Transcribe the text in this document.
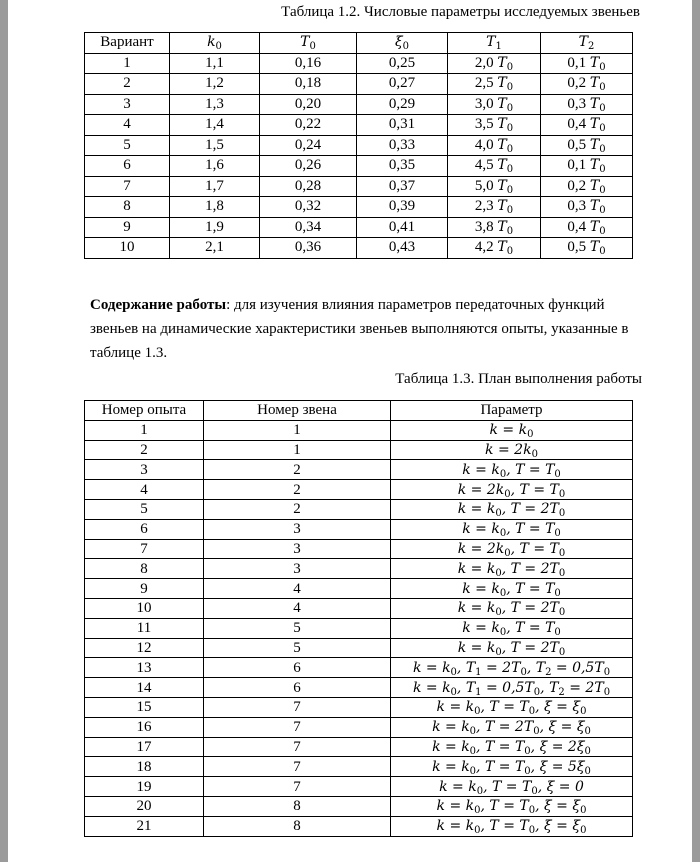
Таблица 1.2. Числовые параметры исследуемых звеньев
Вариант	$k_0$	$T_0$	$\xi_0$	$T_1$	$T_2$
1	1,1	0,16	0,25	2,0 $T_0$	0,1 $T_0$
2	1,2	0,18	0,27	2,5 $T_0$	0,2 $T_0$
3	1,3	0,20	0,29	3,0 $T_0$	0,3 $T_0$
4	1,4	0,22	0,31	3,5 $T_0$	0,4 $T_0$
5	1,5	0,24	0,33	4,0 $T_0$	0,5 $T_0$
6	1,6	0,26	0,35	4,5 $T_0$	0,1 $T_0$
7	1,7	0,28	0,37	5,0 $T_0$	0,2 $T_0$
8	1,8	0,32	0,39	2,3 $T_0$	0,3 $T_0$
9	1,9	0,34	0,41	3,8 $T_0$	0,4 $T_0$
10	2,1	0,36	0,43	4,2 $T_0$	0,5 $T_0$
Содержание работы: для изучения влияния параметров передаточных функций звеньев на динамические характеристики звеньев выполняются опыты, указанные в таблице 1.3.
Таблица 1.3. План выполнения работы
Номер опыта	Номер звена	Параметр
1	1	$k = k_0$
2	1	$k = 2k_0$
3	2	$k = k_0$, $T = T_0$
4	2	$k = 2k_0$, $T = T_0$
5	2	$k = k_0$, $T = 2T_0$
6	3	$k = k_0$, $T = T_0$
7	3	$k = 2k_0$, $T = T_0$
8	3	$k = k_0$, $T = 2T_0$
9	4	$k = k_0$, $T = T_0$
10	4	$k = k_0$, $T = 2T_0$
11	5	$k = k_0$, $T = T_0$
12	5	$k = k_0$, $T = 2T_0$
13	6	$k = k_0$, $T_1 = 2T_0$, $T_2 = 0,5T_0$
14	6	$k = k_0$, $T_1 = 0,5T_0$, $T_2 = 2T_0$
15	7	$k = k_0$, $T = T_0$, $\xi = \xi_0$
16	7	$k = k_0$, $T = 2T_0$, $\xi = \xi_0$
17	7	$k = k_0$, $T = T_0$, $\xi = 2\xi_0$
18	7	$k = k_0$, $T = T_0$, $\xi = 5\xi_0$
19	7	$k = k_0$, $T = T_0$, ξ = 0
20	8	$k = k_0$, $T = T_0$, $\xi = \xi_0$
21	8	$k = k_0$, $T = T_0$, $\xi = \xi_0$
